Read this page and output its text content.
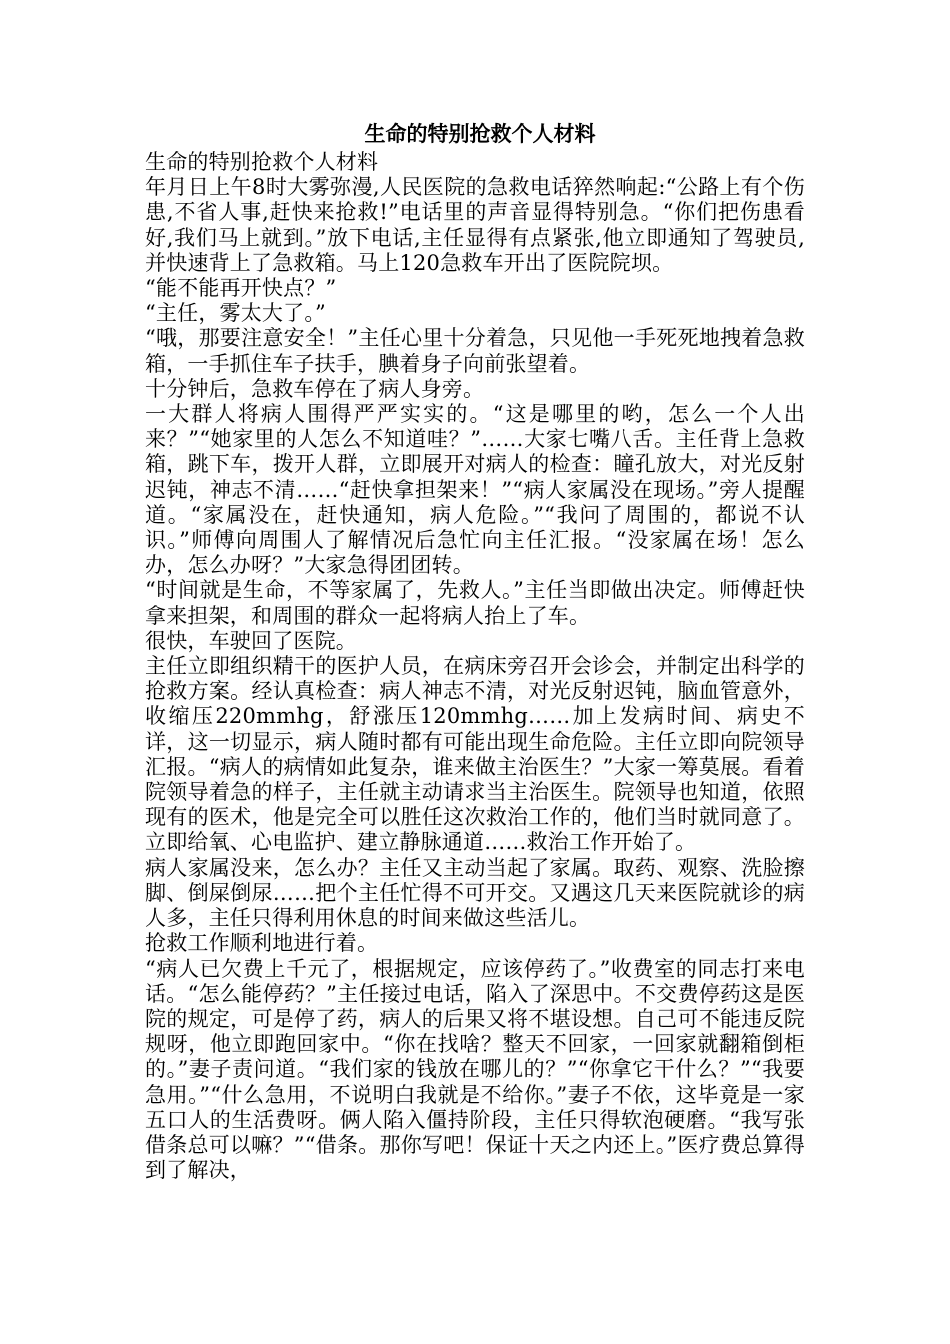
生命的特别抢救个人材料

生命的特别抢救个人材料

年月日上午8时大雾弥漫,人民医院的急救电话猝然响起:“公路上有个伤患,不省人事,赶快来抢救!”电话里的声音显得特别急。“你们把伤患看好,我们马上就到。”放下电话,主任显得有点紧张,他立即通知了驾驶员,并快速背上了急救箱。马上120急救车开出了医院院坝。

“能不能再开快点？”

“主任，雾太大了。”

“哦，那要注意安全！”主任心里十分着急，只见他一手死死地拽着急救箱，一手抓住车子扶手，腆着身子向前张望着。

十分钟后，急救车停在了病人身旁。

一大群人将病人围得严严实实的。“这是哪里的哟，怎么一个人出来？”“她家里的人怎么不知道哇？”……大家七嘴八舌。主任背上急救箱，跳下车，拨开人群，立即展开对病人的检查：瞳孔放大，对光反射迟钝，神志不清……“赶快拿担架来！”“病人家属没在现场。”旁人提醒道。“家属没在，赶快通知，病人危险。”“我问了周围的，都说不认识。”师傅向周围人了解情况后急忙向主任汇报。“没家属在场！怎么办，怎么办呀？”大家急得团团转。

“时间就是生命，不等家属了，先救人。”主任当即做出决定。师傅赶快拿来担架，和周围的群众一起将病人抬上了车。

很快，车驶回了医院。

主任立即组织精干的医护人员，在病床旁召开会诊会，并制定出科学的抢救方案。经认真检查：病人神志不清，对光反射迟钝，脑血管意外，收缩压220mmhg，舒涨压120mmhg……加上发病时间、病史不详，这一切显示，病人随时都有可能出现生命危险。主任立即向院领导汇报。“病人的病情如此复杂，谁来做主治医生？”大家一筹莫展。看着院领导着急的样子，主任就主动请求当主治医生。院领导也知道，依照现有的医术，他是完全可以胜任这次救治工作的，他们当时就同意了。立即给氧、心电监护、建立静脉通道……救治工作开始了。

病人家属没来，怎么办？主任又主动当起了家属。取药、观察、洗脸擦脚、倒屎倒尿……把个主任忙得不可开交。又遇这几天来医院就诊的病人多，主任只得利用休息的时间来做这些活儿。

抢救工作顺利地进行着。

“病人已欠费上千元了，根据规定，应该停药了。”收费室的同志打来电话。“怎么能停药？”主任接过电话，陷入了深思中。不交费停药这是医院的规定，可是停了药，病人的后果又将不堪设想。自己可不能违反院规呀，他立即跑回家中。“你在找啥？整天不回家，一回家就翻箱倒柜的。”妻子责问道。“我们家的钱放在哪儿的？”“你拿它干什么？”“我要急用。”“什么急用，不说明白我就是不给你。”妻子不依，这毕竟是一家五口人的生活费呀。俩人陷入僵持阶段，主任只得软泡硬磨。“我写张借条总可以嘛？”“借条。那你写吧！保证十天之内还上。”医疗费总算得到了解决，
